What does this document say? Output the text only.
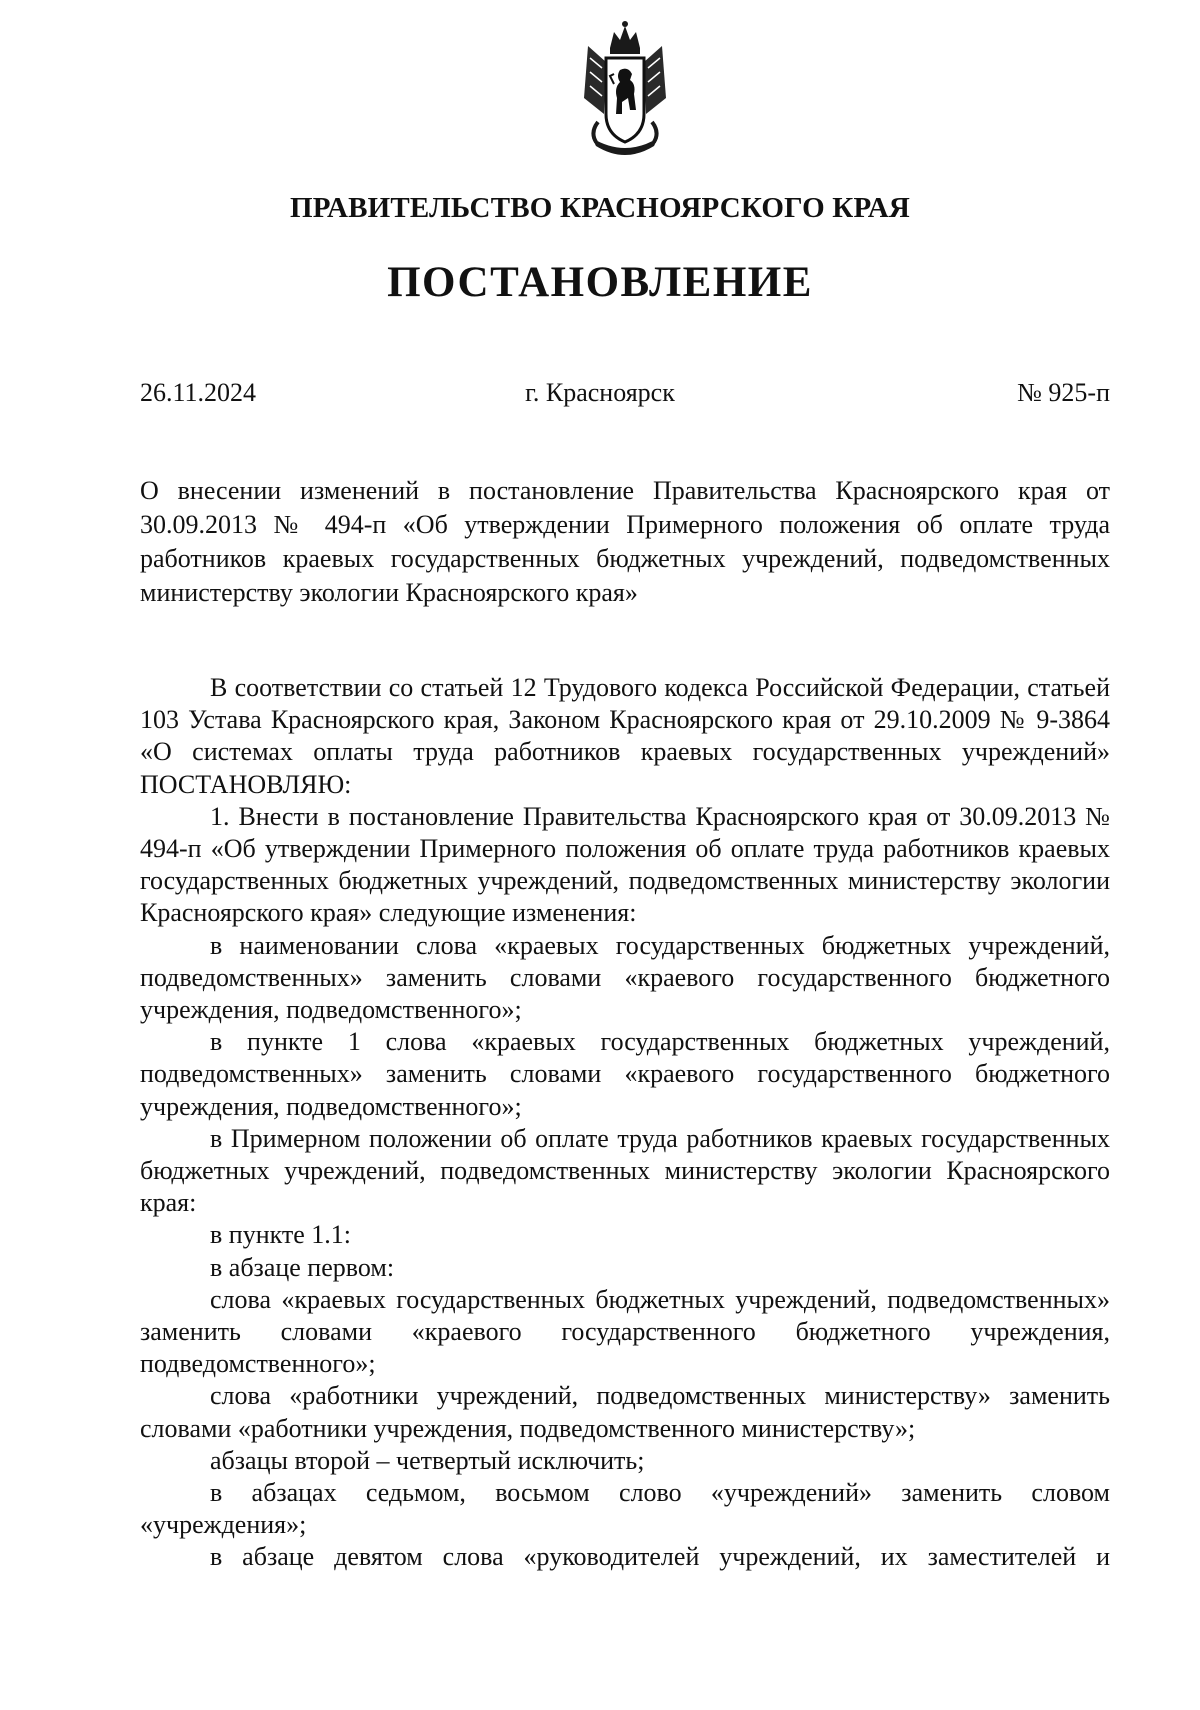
ПРАВИТЕЛЬСТВО КРАСНОЯРСКОГО КРАЯ
ПОСТАНОВЛЕНИЕ
г. Красноярск
26.11.2024	№ 925-п
О внесении изменений в постановление Правительства Красноярского края от 30.09.2013 № 494-п «Об утверждении Примерного положения об оплате труда работников краевых государственных бюджетных учреждений, подведомственных министерству экологии Красноярского края»

В соответствии со статьей 12 Трудового кодекса Российской Федерации, статьей 103 Устава Красноярского края, Законом Красноярского края от 29.10.2009 № 9-3864 «О системах оплаты труда работников краевых государственных учреждений» ПОСТАНОВЛЯЮ:

1. Внести в постановление Правительства Красноярского края от 30.09.2013 № 494-п «Об утверждении Примерного положения об оплате труда работников краевых государственных бюджетных учреждений, подведомственных министерству экологии Красноярского края» следующие изменения:

в наименовании слова «краевых государственных бюджетных учреждений, подведомственных» заменить словами «краевого государственного бюджетного учреждения, подведомственного»;

в пункте 1 слова «краевых государственных бюджетных учреждений, подведомственных» заменить словами «краевого государственного бюджетного учреждения, подведомственного»;

в Примерном положении об оплате труда работников краевых государственных бюджетных учреждений, подведомственных министерству экологии Красноярского края:

в пункте 1.1:

в абзаце первом:

слова «краевых государственных бюджетных учреждений, подведомственных» заменить словами «краевого государственного бюджетного учреждения, подведомственного»;

слова «работники учреждений, подведомственных министерству» заменить словами «работники учреждения, подведомственного министерству»;

абзацы второй – четвертый исключить;

в абзацах седьмом, восьмом слово «учреждений» заменить словом «учреждения»;

в абзаце девятом слова «руководителей учреждений, их заместителей и
